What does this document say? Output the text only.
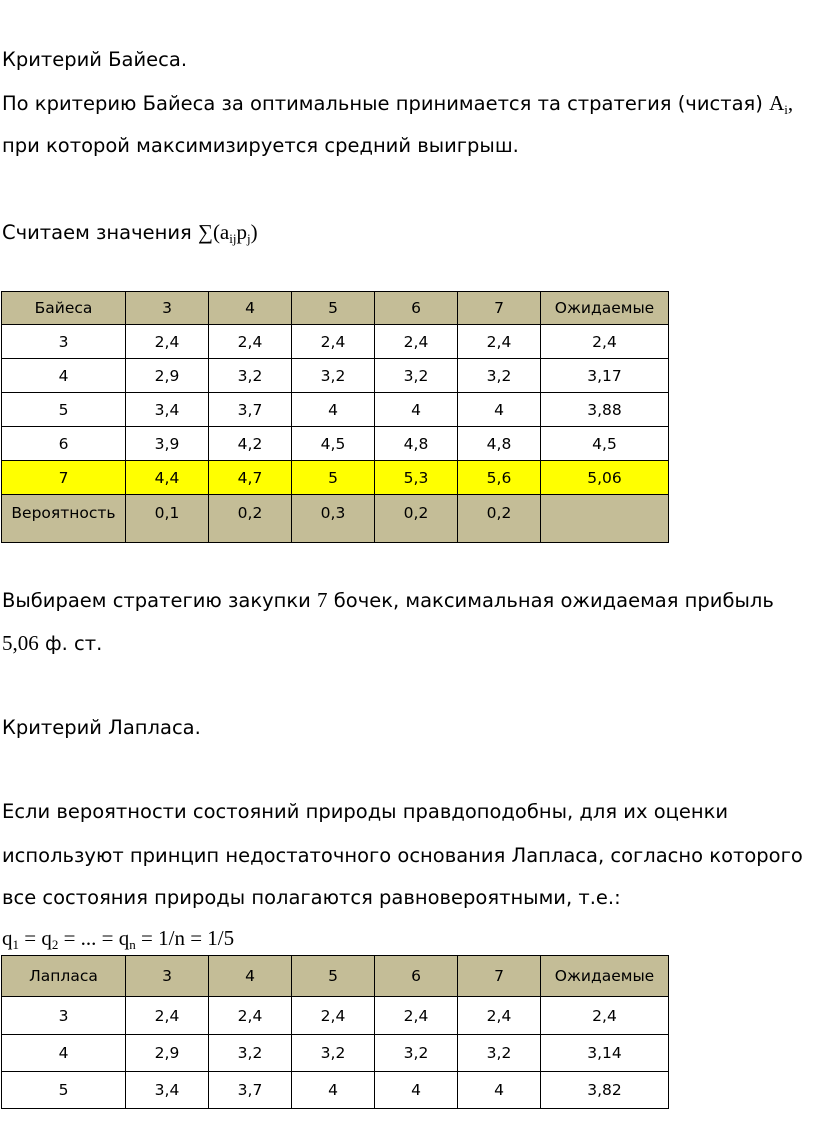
Критерий Байеса.
По критерию Байеса за оптимальные принимается та стратегия (чистая) $A_i$,
при которой максимизируется средний выигрыш.
Считаем значения $\sum(a_{ij}p_j)$
Байеса	3	4	5	6	7	Ожидаемые
3	2,4	2,4	2,4	2,4	2,4	2,4
4	2,9	3,2	3,2	3,2	3,2	3,17
5	3,4	3,7	4	4	4	3,88
6	3,9	4,2	4,5	4,8	4,8	4,5
7	4,4	4,7	5	5,3	5,6	5,06
Вероятность	0,1	0,2	0,3	0,2	0,2	
Выбираем стратегию закупки 7 бочек, максимальная ожидаемая прибыль
5,06 ф. ст.
Критерий Лапласа.
Если вероятности состояний природы правдоподобны, для их оценки
используют принцип недостаточного основания Лапласа, согласно которого
все состояния природы полагаются равновероятными, т.е.:
$q_1 = q_2$ = ... = $q_n = 1/n = 1/5$
Лапласа	3	4	5	6	7	Ожидаемые
3	2,4	2,4	2,4	2,4	2,4	2,4
4	2,9	3,2	3,2	3,2	3,2	3,14
5	3,4	3,7	4	4	4	3,82
